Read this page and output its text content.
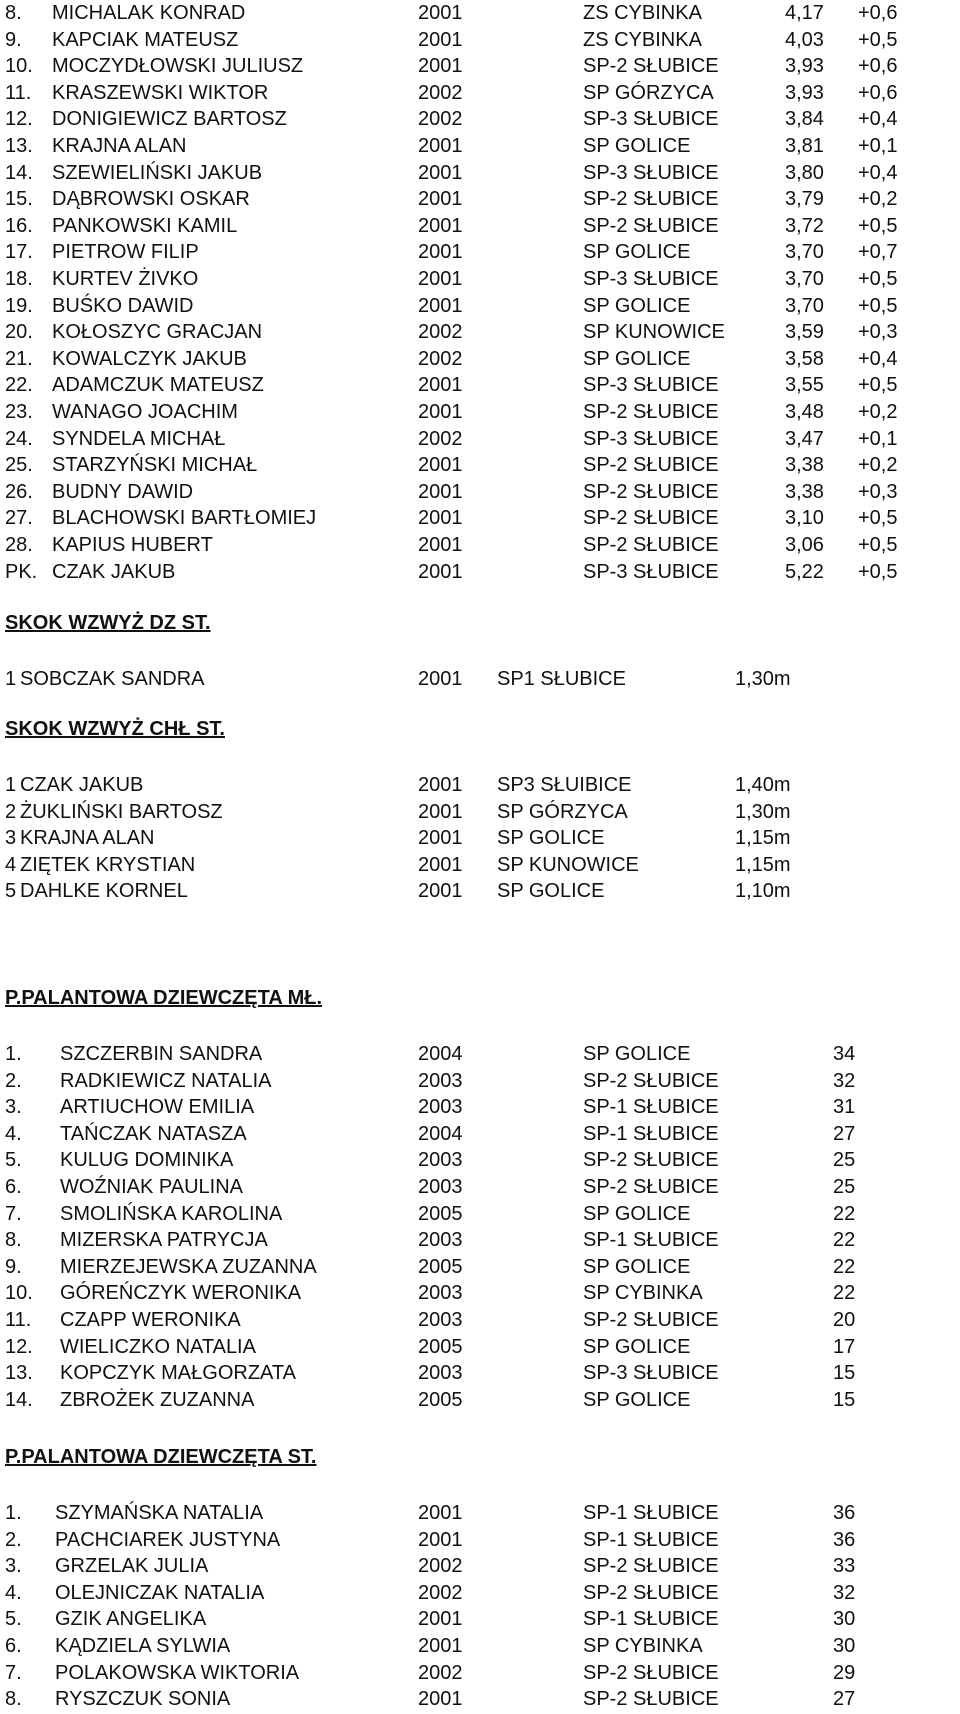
8. MICHALAK KONRAD	2001	ZS CYBINKA	4,17 +0,6
9. KAPCIAK MATEUSZ	2001	ZS CYBINKA	4,03 +0,5
10. MOCZYDŁOWSKI JULIUSZ	2001	SP-2 SŁUBICE	3,93 +0,6
11. KRASZEWSKI WIKTOR	2002	SP GÓRZYCA	3,93 +0,6
12. DONIGIEWICZ BARTOSZ	2002	SP-3 SŁUBICE	3,84 +0,4
13. KRAJNA ALAN	2001	SP GOLICE	3,81 +0,1
14. SZEWIELIŃSKI JAKUB	2001	SP-3 SŁUBICE	3,80 +0,4
15. DĄBROWSKI OSKAR	2001	SP-2 SŁUBICE	3,79 +0,2
16. PANKOWSKI KAMIL	2001	SP-2 SŁUBICE	3,72 +0,5
17. PIETROW FILIP	2001	SP GOLICE	3,70 +0,7
18. KURTEV ŻIVKO	2001	SP-3 SŁUBICE	3,70 +0,5
19. BUŚKO DAWID	2001	SP GOLICE	3,70 +0,5
20. KOŁOSZYC GRACJAN	2002	SP KUNOWICE	3,59 +0,3
21. KOWALCZYK JAKUB	2002	SP GOLICE	3,58 +0,4
22. ADAMCZUK MATEUSZ	2001	SP-3 SŁUBICE	3,55 +0,5
23. WANAGO JOACHIM	2001	SP-2 SŁUBICE	3,48 +0,2
24. SYNDELA MICHAŁ	2002	SP-3 SŁUBICE	3,47 +0,1
25. STARZYŃSKI MICHAŁ	2001	SP-2 SŁUBICE	3,38 +0,2
26. BUDNY DAWID	2001	SP-2 SŁUBICE	3,38 +0,3
27. BLACHOWSKI BARTŁOMIEJ	2001	SP-2 SŁUBICE	3,10 +0,5
28. KAPIUS HUBERT	2001	SP-2 SŁUBICE	3,06 +0,5
PK. CZAK JAKUB	2001	SP-3 SŁUBICE	5,22 +0,5
SKOK WZWYŻ DZ ST.
1 SOBCZAK SANDRA	2001 SP1 SŁUBICE	1,30m
SKOK WZWYŻ CHŁ ST.
1 CZAK JAKUB	2001 SP3 SŁUIBICE	1,40m
2 ŻUKLIŃSKI BARTOSZ	2001 SP GÓRZYCA	1,30m
3 KRAJNA ALAN	2001 SP GOLICE	1,15m
4 ZIĘTEK KRYSTIAN	2001 SP KUNOWICE	1,15m
5 DAHLKE KORNEL	2001 SP GOLICE	1,10m
P.PALANTOWA DZIEWCZĘTA MŁ.
1. SZCZERBIN SANDRA	2004	SP GOLICE	34
2. RADKIEWICZ NATALIA	2003	SP-2 SŁUBICE	32
3. ARTIUCHOW EMILIA	2003	SP-1 SŁUBICE	31
4. TAŃCZAK NATASZA	2004	SP-1 SŁUBICE	27
5. KULUG DOMINIKA	2003	SP-2 SŁUBICE	25
6. WOŹNIAK PAULINA	2003	SP-2 SŁUBICE	25
7. SMOLIŃSKA KAROLINA	2005	SP GOLICE	22
8. MIZERSKA PATRYCJA	2003	SP-1 SŁUBICE	22
9. MIERZEJEWSKA ZUZANNA	2005	SP GOLICE	22
10. GÓREŃCZYK WERONIKA	2003	SP CYBINKA	22
11. CZAPP WERONIKA	2003	SP-2 SŁUBICE	20
12. WIELICZKO NATALIA	2005	SP GOLICE	17
13. KOPCZYK MAŁGORZATA	2003	SP-3 SŁUBICE	15
14. ZBROŻEK ZUZANNA	2005	SP GOLICE	15
P.PALANTOWA DZIEWCZĘTA ST.
1. SZYMAŃSKA NATALIA	2001	SP-1 SŁUBICE	36
2. PACHCIAREK JUSTYNA	2001	SP-1 SŁUBICE	36
3. GRZELAK JULIA	2002	SP-2 SŁUBICE	33
4. OLEJNICZAK NATALIA	2002	SP-2 SŁUBICE	32
5. GZIK ANGELIKA	2001	SP-1 SŁUBICE	30
6. KĄDZIELA SYLWIA	2001	SP CYBINKA	30
7. POLAKOWSKA WIKTORIA	2002	SP-2 SŁUBICE	29
8. RYSZCZUK SONIA	2001	SP-2 SŁUBICE	27
